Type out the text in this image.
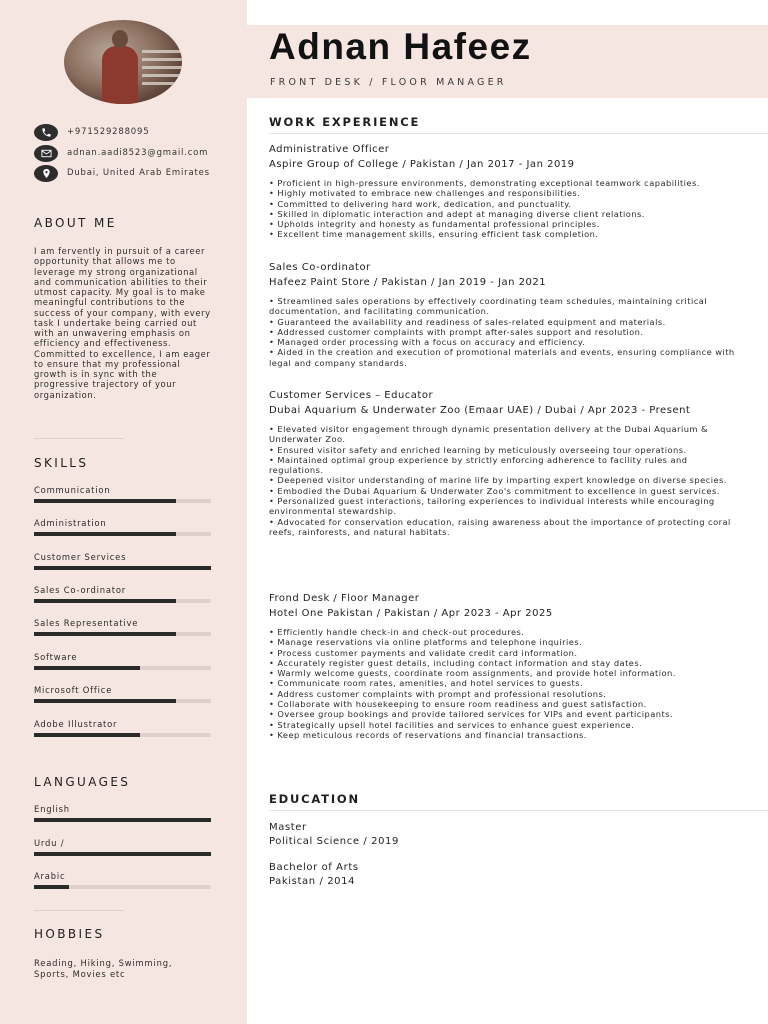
+971529288095
adnan.aadi8523@gmail.com
Dubai, United Arab Emirates
ABOUT ME
I am fervently in pursuit of a career opportunity that allows me to leverage my strong organizational and communication abilities to their utmost capacity. My goal is to make meaningful contributions to the success of your company, with every task I undertake being carried out with an unwavering emphasis on efficiency and effectiveness. Committed to excellence, I am eager to ensure that my professional growth is in sync with the progressive trajectory of your organization.
SKILLS
Communication
Administration
Customer Services
Sales Co-ordinator
Sales Representative
Software
Microsoft Office
Adobe Illustrator
LANGUAGES
English
Urdu /
Arabic
HOBBIES
Reading, Hiking, Swimming, Sports, Movies etc
Adnan Hafeez
FRONT DESK / FLOOR MANAGER
WORK EXPERIENCE
Administrative Officer
Aspire Group of College / Pakistan / Jan 2017 - Jan 2019
• Proficient in high-pressure environments, demonstrating exceptional teamwork capabilities.
• Highly motivated to embrace new challenges and responsibilities.
• Committed to delivering hard work, dedication, and punctuality.
• Skilled in diplomatic interaction and adept at managing diverse client relations.
• Upholds integrity and honesty as fundamental professional principles.
• Excellent time management skills, ensuring efficient task completion.
Sales Co-ordinator
Hafeez Paint Store / Pakistan / Jan 2019 - Jan 2021
• Streamlined sales operations by effectively coordinating team schedules, maintaining critical documentation, and facilitating communication.
• Guaranteed the availability and readiness of sales-related equipment and materials.
• Addressed customer complaints with prompt after-sales support and resolution.
• Managed order processing with a focus on accuracy and efficiency.
• Aided in the creation and execution of promotional materials and events, ensuring compliance with legal and company standards.
Customer Services – Educator
Dubai Aquarium & Underwater Zoo (Emaar UAE) / Dubai / Apr 2023 - Present
• Elevated visitor engagement through dynamic presentation delivery at the Dubai Aquarium & Underwater Zoo.
• Ensured visitor safety and enriched learning by meticulously overseeing tour operations.
• Maintained optimal group experience by strictly enforcing adherence to facility rules and regulations.
• Deepened visitor understanding of marine life by imparting expert knowledge on diverse species.
• Embodied the Dubai Aquarium & Underwater Zoo's commitment to excellence in guest services.
• Personalized guest interactions, tailoring experiences to individual interests while encouraging environmental stewardship.
• Advocated for conservation education, raising awareness about the importance of protecting coral reefs, rainforests, and natural habitats.
Frond Desk / Floor Manager
Hotel One Pakistan / Pakistan / Apr 2023 - Apr 2025
• Efficiently handle check-in and check-out procedures.
• Manage reservations via online platforms and telephone inquiries.
• Process customer payments and validate credit card information.
• Accurately register guest details, including contact information and stay dates.
• Warmly welcome guests, coordinate room assignments, and provide hotel information.
• Communicate room rates, amenities, and hotel services to guests.
• Address customer complaints with prompt and professional resolutions.
• Collaborate with housekeeping to ensure room readiness and guest satisfaction.
• Oversee group bookings and provide tailored services for VIPs and event participants.
• Strategically upsell hotel facilities and services to enhance guest experience.
• Keep meticulous records of reservations and financial transactions.
EDUCATION
Master
Political Science / 2019
Bachelor of Arts
Pakistan / 2014
